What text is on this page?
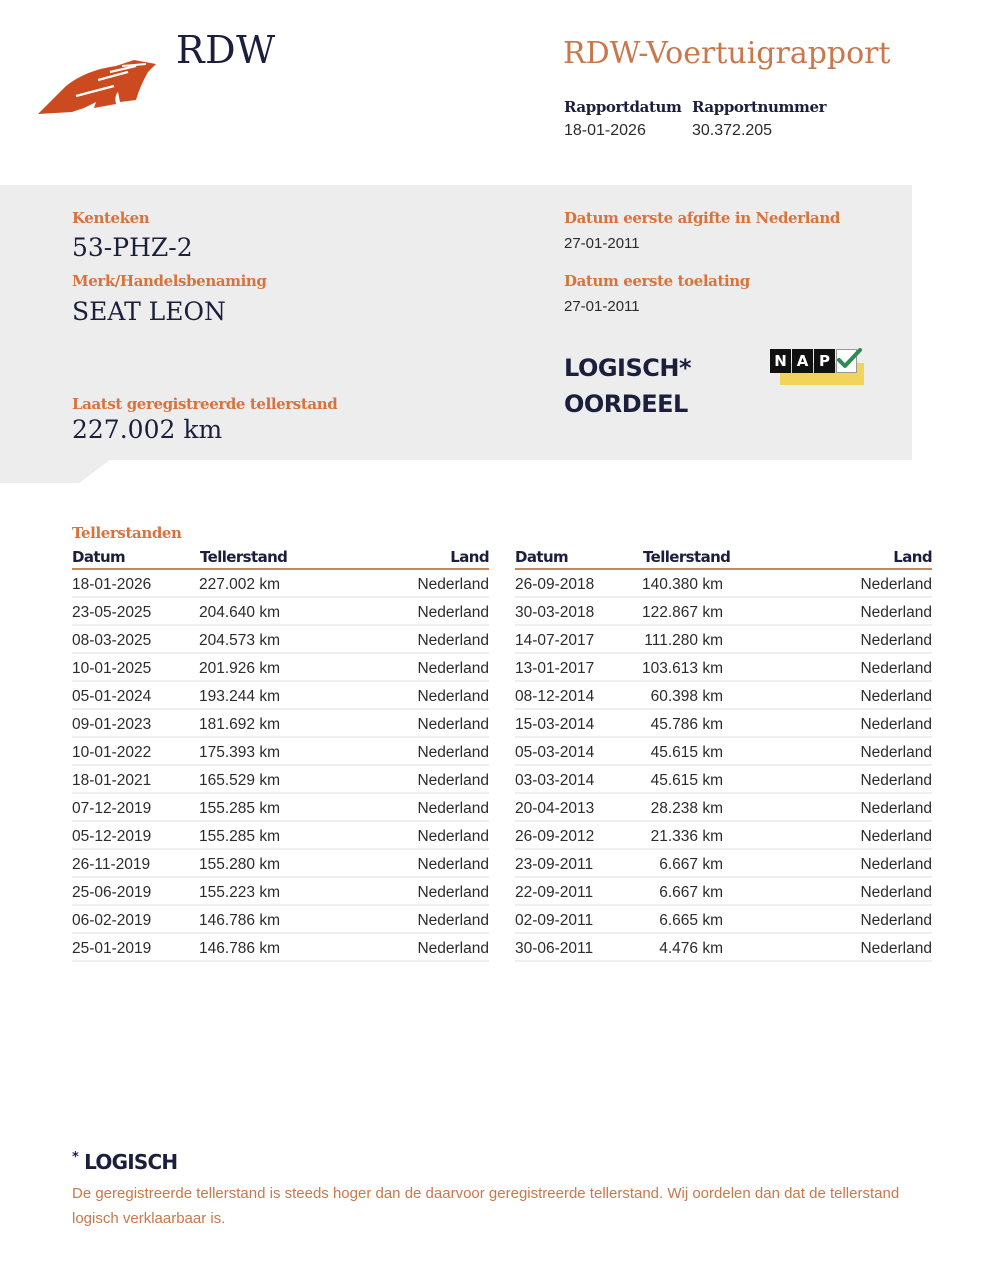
RDW	RDW-Voertuigrapport
Rapportdatum
18-01-2026
Rapportnummer
30.372.205
Kenteken
53-PHZ-2
Merk/Handelsbenaming
SEAT LEON
Laatst geregistreerde tellerstand
227.002 km
Datum eerste afgifte in Nederland
27-01-2011
Datum eerste toelating
27-01-2011
LOGISCH*
OORDEEL
N A P
Tellerstanden
Datum	Tellerstand	Land
18-01-2026	227.002 km	Nederland
23-05-2025	204.640 km	Nederland
08-03-2025	204.573 km	Nederland
10-01-2025	201.926 km	Nederland
05-01-2024	193.244 km	Nederland
09-01-2023	181.692 km	Nederland
10-01-2022	175.393 km	Nederland
18-01-2021	165.529 km	Nederland
07-12-2019	155.285 km	Nederland
05-12-2019	155.285 km	Nederland
26-11-2019	155.280 km	Nederland
25-06-2019	155.223 km	Nederland
06-02-2019	146.786 km	Nederland
25-01-2019	146.786 km	Nederland
Datum	Tellerstand	Land
26-09-2018	140.380 km	Nederland
30-03-2018	122.867 km	Nederland
14-07-2017	111.280 km	Nederland
13-01-2017	103.613 km	Nederland
08-12-2014	60.398 km	Nederland
15-03-2014	45.786 km	Nederland
05-03-2014	45.615 km	Nederland
03-03-2014	45.615 km	Nederland
20-04-2013	28.238 km	Nederland
26-09-2012	21.336 km	Nederland
23-09-2011	6.667 km	Nederland
22-09-2011	6.667 km	Nederland
02-09-2011	6.665 km	Nederland
30-06-2011	4.476 km	Nederland
* LOGISCH
De geregistreerde tellerstand is steeds hoger dan de daarvoor geregistreerde tellerstand. Wij oordelen dan dat de tellerstand logisch verklaarbaar is.
